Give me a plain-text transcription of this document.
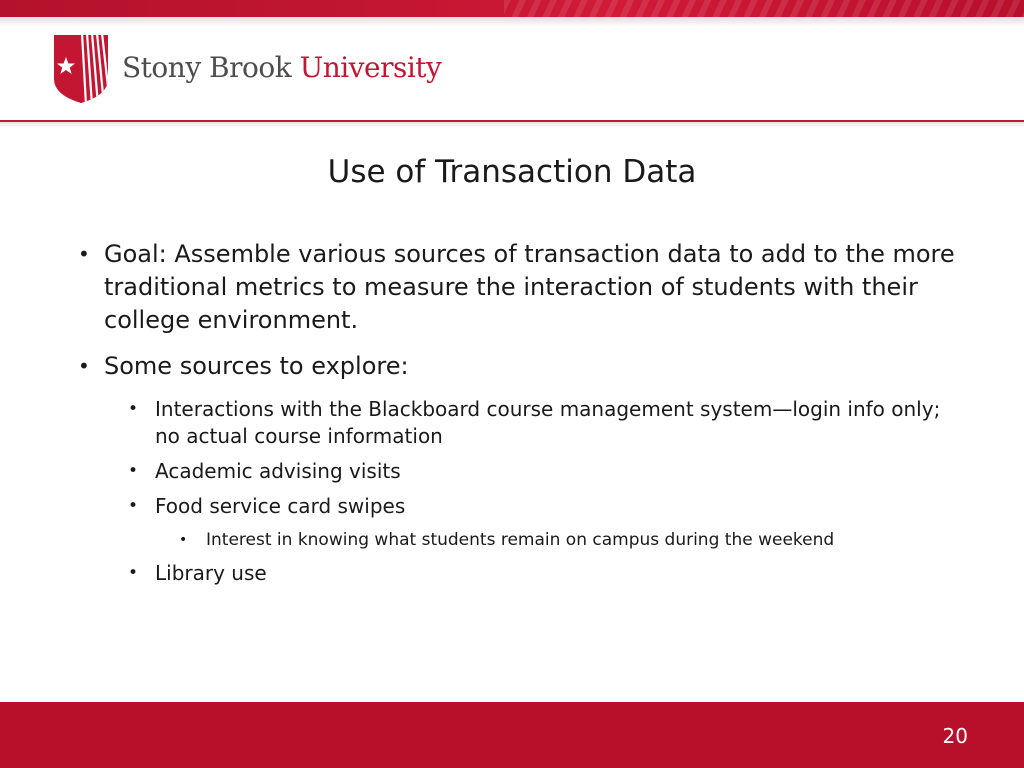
Stony Brook University
Use of Transaction Data
• Goal: Assemble various sources of transaction data to add to the more traditional metrics to measure the interaction of students with their college environment.
• Some sources to explore:
• Interactions with the Blackboard course management system—login info only; no actual course information
• Academic advising visits
• Food service card swipes
• Interest in knowing what students remain on campus during the weekend
• Library use
20
